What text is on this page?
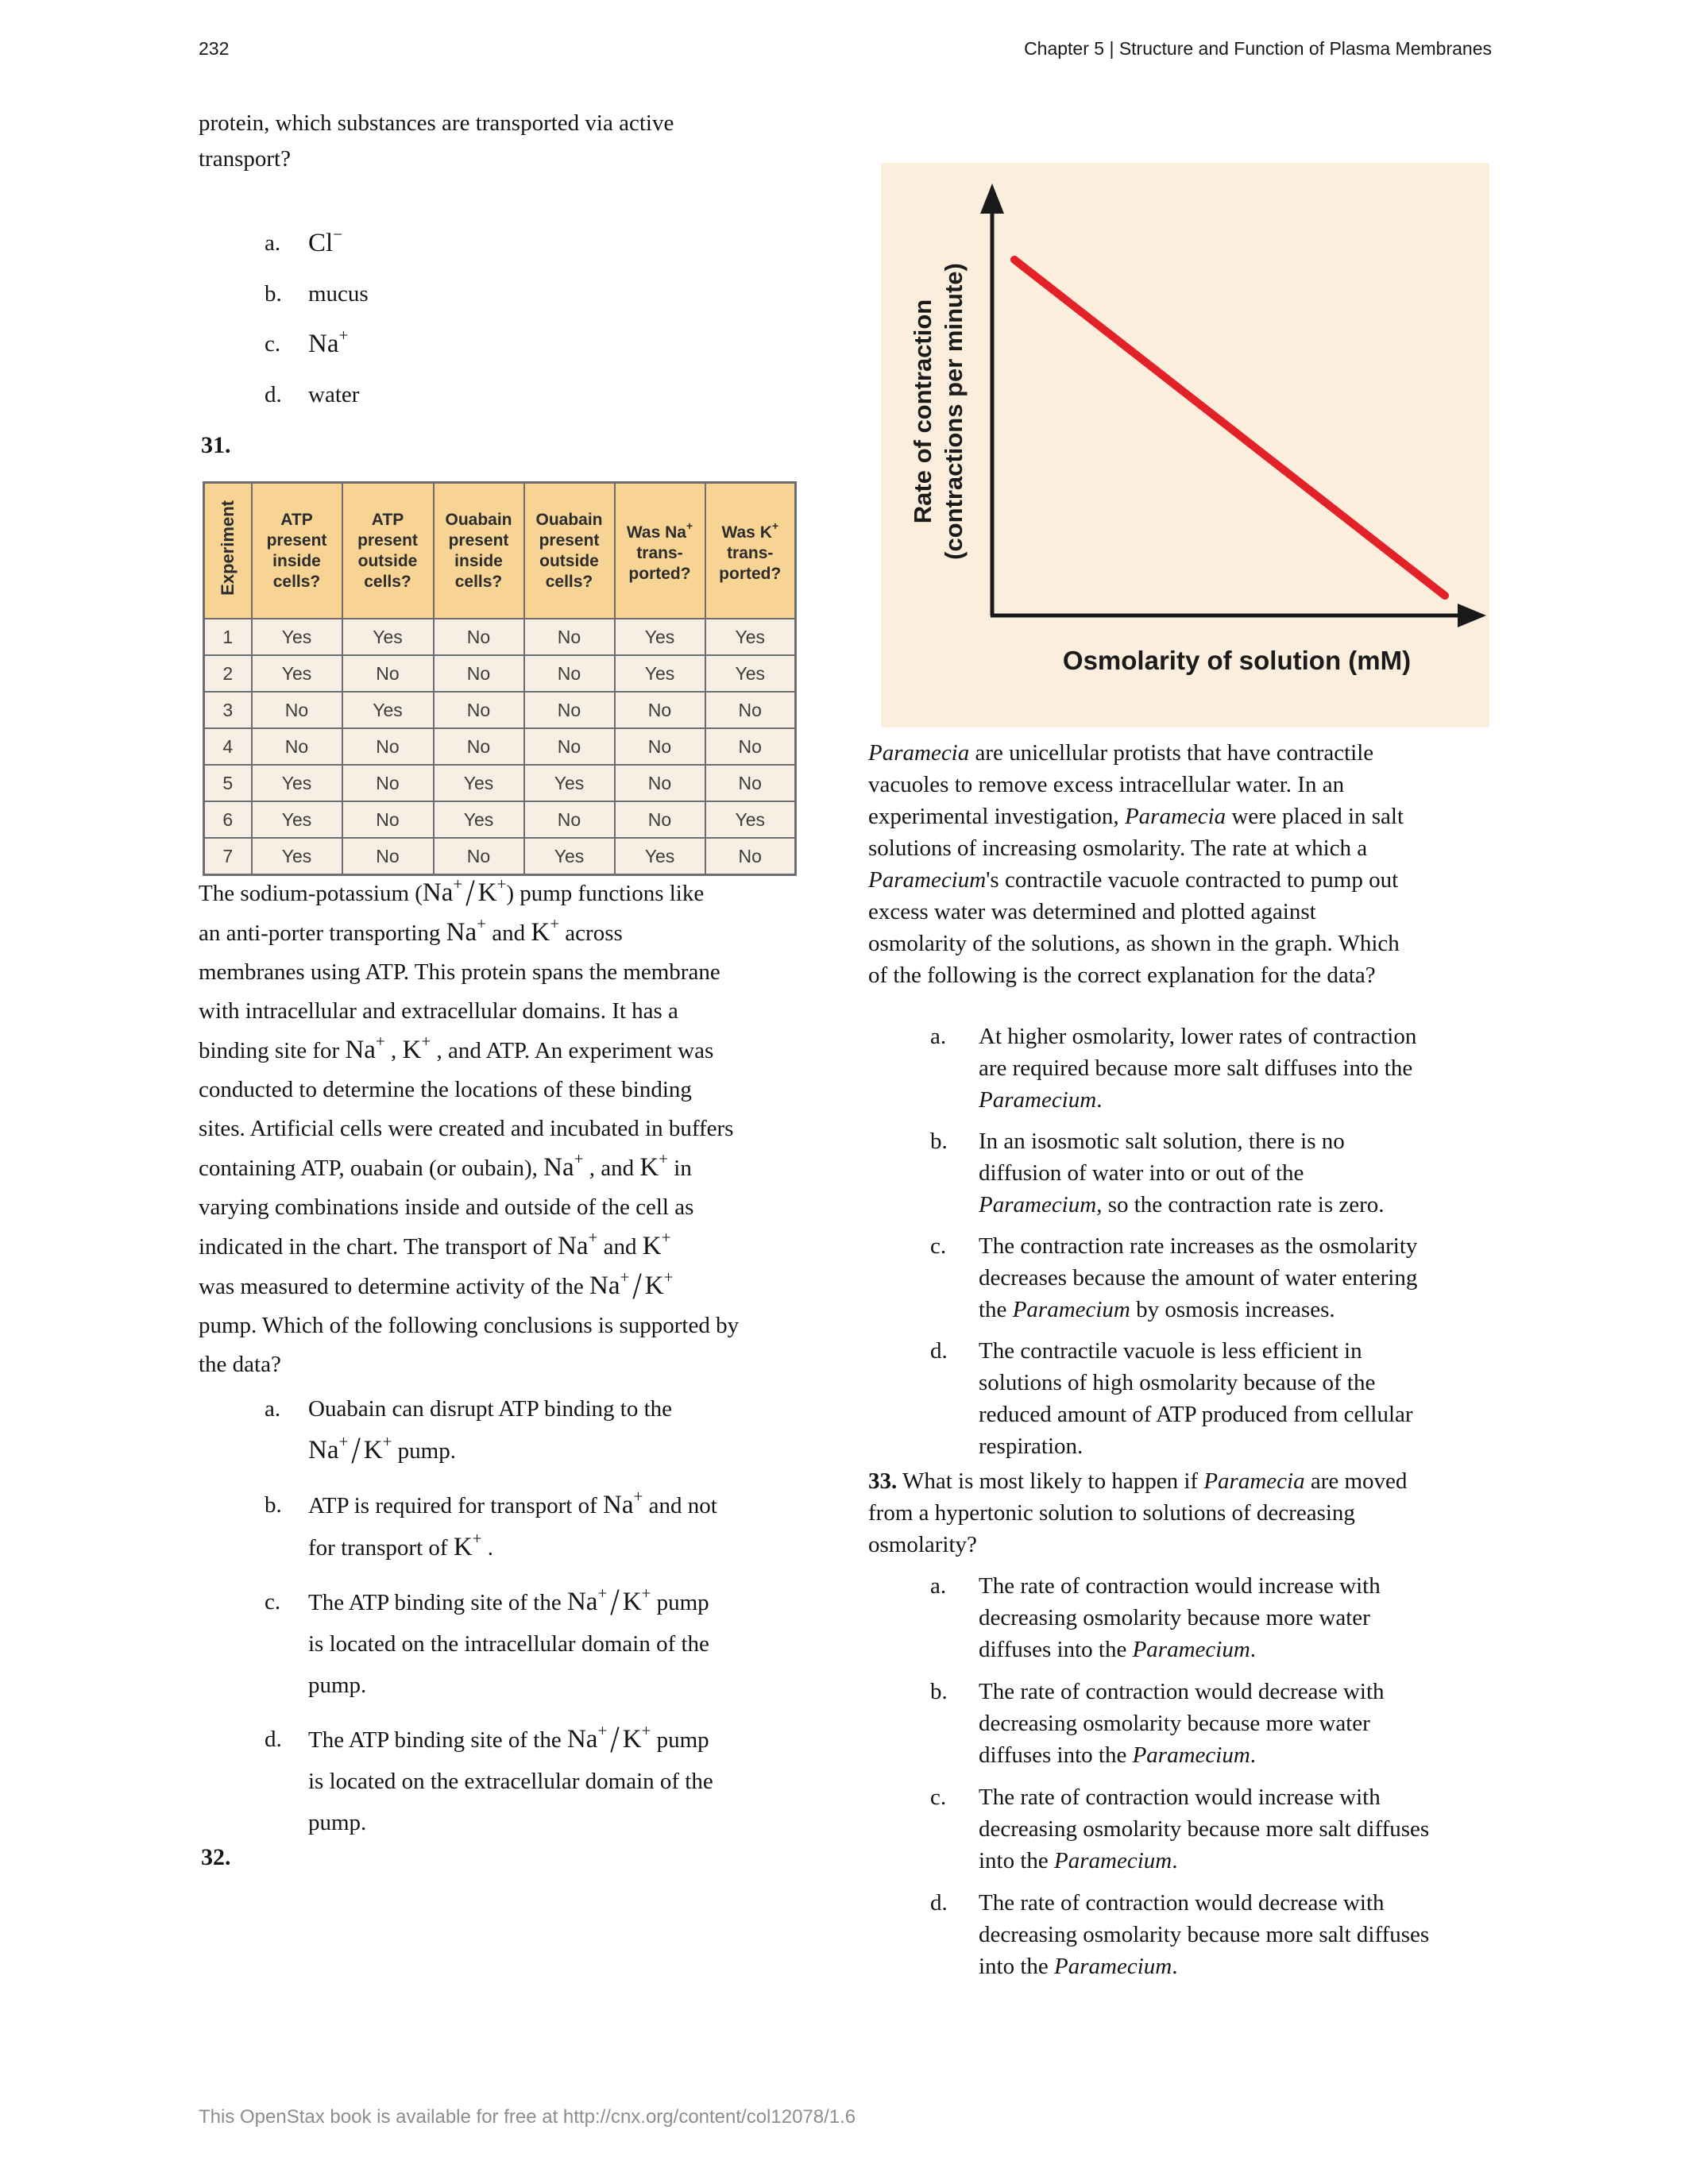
232	Chapter 5 | Structure and Function of Plasma Membranes

protein, which substances are transported via active
transport?

a.	Cl−
b.	mucus
c.	Na+
d.	water
31.
Experiment	ATP
present
inside
cells?	ATP
present
outside
cells?	Ouabain
present
inside
cells?	Ouabain
present
outside
cells?	Was Na+
trans-
ported?	Was K+
trans-
ported?
1	Yes	Yes	No	No	Yes	Yes
2	Yes	No	No	No	Yes	Yes
3	No	Yes	No	No	No	No
4	No	No	No	No	No	No
5	Yes	No	Yes	Yes	No	No
6	Yes	No	Yes	No	No	Yes
7	Yes	No	No	Yes	Yes	No

The sodium-potassium (Na+/ K+) pump functions like
an anti-porter transporting Na+ and K+ across
membranes using ATP. This protein spans the membrane
with intracellular and extracellular domains. It has a
binding site for Na+ , K+ , and ATP. An experiment was
conducted to determine the locations of these binding
sites. Artificial cells were created and incubated in buffers
containing ATP, ouabain (or oubain), Na+ , and K+ in
varying combinations inside and outside of the cell as
indicated in the chart. The transport of Na+ and K+
was measured to determine activity of the Na+/ K+
pump. Which of the following conclusions is supported by
the data?

a.	Ouabain can disrupt ATP binding to the
Na+/ K+ pump.
b.	ATP is required for transport of Na+ and not
for transport of K+ .
c.	The ATP binding site of the Na+/ K+ pump
is located on the intracellular domain of the
pump.
d.	The ATP binding site of the Na+/ K+ pump
is located on the extracellular domain of the
pump.
32.
Rate of contraction (contractions per minute)
Osmolarity of solution (mM)

Paramecia are unicellular protists that have contractile
vacuoles to remove excess intracellular water. In an
experimental investigation, Paramecia were placed in salt
solutions of increasing osmolarity. The rate at which a
Paramecium's contractile vacuole contracted to pump out
excess water was determined and plotted against
osmolarity of the solutions, as shown in the graph. Which
of the following is the correct explanation for the data?

a.	At higher osmolarity, lower rates of contraction
are required because more salt diffuses into the
Paramecium.
b.	In an isosmotic salt solution, there is no
diffusion of water into or out of the
Paramecium, so the contraction rate is zero.
c.	The contraction rate increases as the osmolarity
decreases because the amount of water entering
the Paramecium by osmosis increases.
d.	The contractile vacuole is less efficient in
solutions of high osmolarity because of the
reduced amount of ATP produced from cellular
respiration.

33. What is most likely to happen if Paramecia are moved
from a hypertonic solution to solutions of decreasing
osmolarity?

a.	The rate of contraction would increase with
decreasing osmolarity because more water
diffuses into the Paramecium.
b.	The rate of contraction would decrease with
decreasing osmolarity because more water
diffuses into the Paramecium.
c.	The rate of contraction would increase with
decreasing osmolarity because more salt diffuses
into the Paramecium.
d.	The rate of contraction would decrease with
decreasing osmolarity because more salt diffuses
into the Paramecium.
This OpenStax book is available for free at http://cnx.org/content/col12078/1.6
